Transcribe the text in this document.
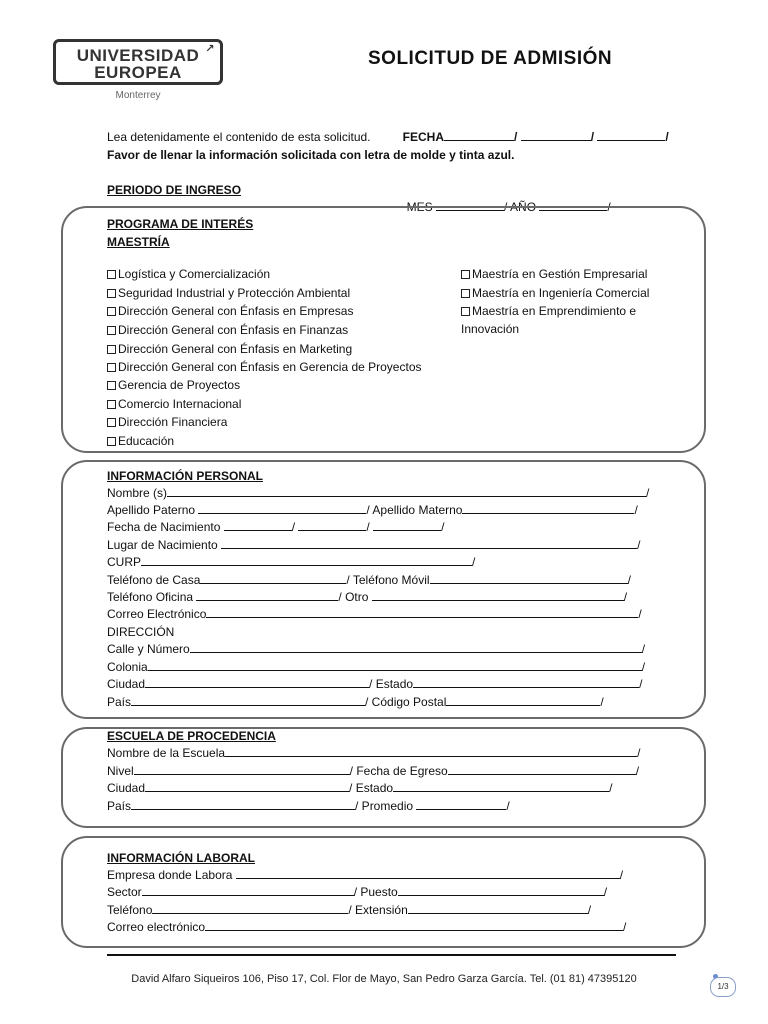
↗
UNIVERSIDAD
EUROPEA
Monterrey
SOLICITUD DE ADMISIÓN

FECHA	/	/	/

Lea detenidamente el contenido de esta solicitud.
Favor de llenar la información solicitada con letra de molde y tinta azul.
PERIODO DE INGRESO

MES	/ AÑO	/

PROGRAMA DE INTERÉS
MAESTRÍA
Logística y Comercialización
Seguridad Industrial y Protección Ambiental
Dirección General con Énfasis en Empresas
Dirección General con Énfasis en Finanzas
Dirección General con Énfasis en Marketing
Dirección General con Énfasis en Gerencia de Proyectos
Gerencia de Proyectos
Comercio Internacional
Dirección Financiera
Educación
Maestría en Gestión Empresarial
Maestría en Ingeniería Comercial
Maestría en Emprendimiento e
Innovación
INFORMACIÓN PERSONAL
Nombre (s)	/
Apellido Paterno	/ Apellido Materno	/
Fecha de Nacimiento	/	/	/
Lugar de Nacimiento	/
CURP	/
Teléfono de Casa	/ Teléfono Móvil	/
Teléfono Oficina	/ Otro	/
Correo Electrónico	/
DIRECCIÓN
Calle y Número	/
Colonia	/
Ciudad	/ Estado	/
País	/ Código Postal	/
ESCUELA DE PROCEDENCIA
Nombre de la Escuela	/
Nivel	/ Fecha de Egreso	/
Ciudad	/ Estado	/
País	/ Promedio	/
INFORMACIÓN LABORAL
Empresa donde Labora	/
Sector	/ Puesto	/
Teléfono	/ Extensión	/
Correo electrónico	/
David Alfaro Siqueiros 106, Piso 17, Col. Flor de Mayo, San Pedro Garza García. Tel. (01 81) 47395120
1/3
